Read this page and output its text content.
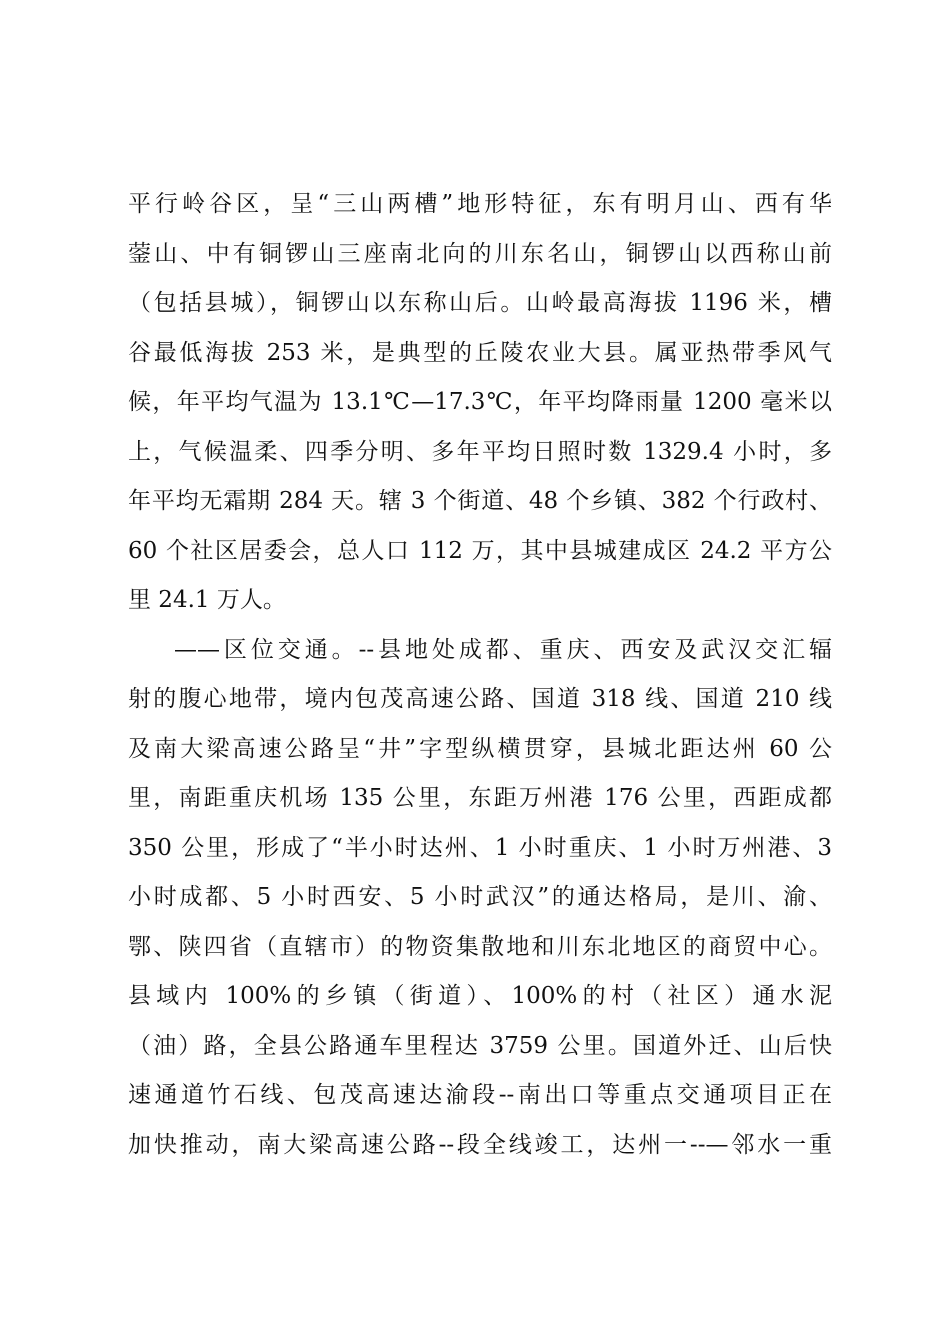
平行岭谷区，呈“三山两槽”地形特征，东有明月山、西有华
蓥山、中有铜锣山三座南北向的川东名山，铜锣山以西称山前
（包括县城），铜锣山以东称山后。山岭最高海拔 1196 米，槽
谷最低海拔 253 米，是典型的丘陵农业大县。属亚热带季风气
候，年平均气温为 13.1℃—17.3℃，年平均降雨量 1200 毫米以
上，气候温柔、四季分明、多年平均日照时数 1329.4 小时，多
年平均无霜期 284 天。辖 3 个街道、48 个乡镇、382 个行政村、
60 个社区居委会，总人口 112 万，其中县城建成区 24.2 平方公
里 24.1 万人。
——区位交通。--县地处成都、重庆、西安及武汉交汇辐
射的腹心地带，境内包茂高速公路、国道 318 线、国道 210 线
及南大梁高速公路呈“井”字型纵横贯穿，县城北距达州 60 公
里，南距重庆机场 135 公里，东距万州港 176 公里，西距成都
350 公里，形成了“半小时达州、1 小时重庆、1 小时万州港、3
小时成都、5 小时西安、5 小时武汉”的通达格局，是川、渝、
鄂、陕四省（直辖市）的物资集散地和川东北地区的商贸中心。
县域内 100%的乡镇（街道）、100%的村（社区）通水泥
（油）路，全县公路通车里程达 3759 公里。国道外迁、山后快
速通道竹石线、包茂高速达渝段--南出口等重点交通项目正在
加快推动，南大梁高速公路--段全线竣工，达州一--—邻水一重
